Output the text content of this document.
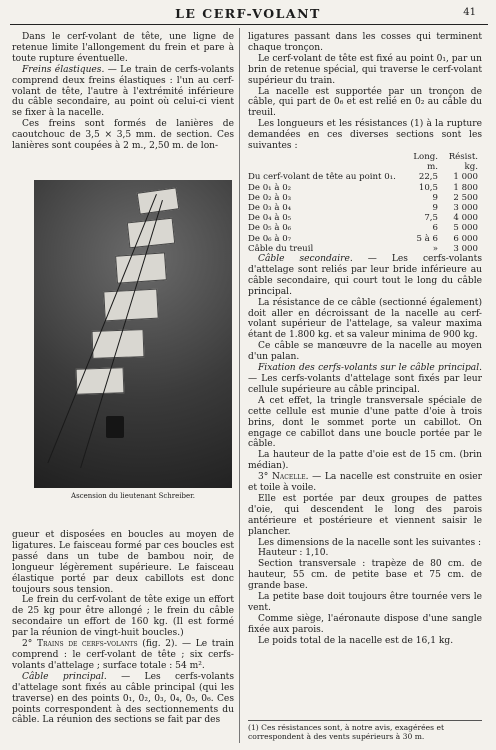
LE CERF-VOLANT	41

Dans le cerf-volant de tête, une ligne de retenue limite l'allongement du frein et pare à toute rupture éventuelle.

Freins élastiques. — Le train de cerfs-volants comprend deux freins élastiques : l'un au cerf-volant de tête, l'autre à l'extrémité inférieure du câble secondaire, au point où celui-ci vient se fixer à la nacelle.

Ces freins sont formés de lanières de caoutchouc de 3,5 × 3,5 mm. de section. Ces lanières sont coupées à 2 m., 2,50 m. de lon-

Ascension du lieutenant Schreiber.

gueur et disposées en boucles au moyen de ligatures. Le faisceau formé par ces boucles est passé dans un tube de bambou noir, de longueur légèrement supérieure. Le faisceau élastique porté par deux cabillots est donc toujours sous tension.

Le frein du cerf-volant de tête exige un effort de 25 kg pour être allongé ; le frein du câble secondaire un effort de 160 kg. (Il est formé par la réunion de vingt-huit boucles.)

2° Trains de cerfs-volants (fig. 2). — Le train comprend : le cerf-volant de tête ; six cerfs-volants d'attelage ; surface totale : 54 m².

Câble principal. — Les cerfs-volants d'attelage sont fixés au câble principal (qui les traverse) en des points 0₁, 0₂, 0₃, 0₄, 0₅, 0₆. Ces points correspondent à des sectionnements du câble. La réunion des sections se fait par des

ligatures passant dans les cosses qui terminent chaque tronçon.

Le cerf-volant de tête est fixé au point 0₁, par un brin de retenue spécial, qui traverse le cerf-volant supérieur du train.

La nacelle est supportée par un tronçon de câble, qui part de 0₆ et est relié en 0₂ au câble du treuil.

Les longueurs et les résistances (1) à la rupture demandées en ces diverses sections sont les suivantes :

	Long.	Résist.
	m.	kg.
Du cerf-volant de tête au point 0₁.	22,5	1 000
De 0₁ à 0₂	10,5	1 800
De 0₂ à 0₃	9	2 500
De 0₃ à 0₄	9	3 000
De 0₄ à 0₅	7,5	4 000
De 0₅ à 0₆	6	5 000
De 0₆ à 0₇	5 à 6	6 000
Câble du treuil	»	3 000

Câble secondaire. — Les cerfs-volants d'attelage sont reliés par leur bride inférieure au câble secondaire, qui court tout le long du câble principal.

La résistance de ce câble (sectionné également) doit aller en décroissant de la nacelle au cerf-volant supérieur de l'attelage, sa valeur maxima étant de 1.800 kg. et sa valeur minima de 900 kg.

Ce câble se manœuvre de la nacelle au moyen d'un palan.

Fixation des cerfs-volants sur le câble principal. — Les cerfs-volants d'attelage sont fixés par leur cellule supérieure au câble principal.

A cet effet, la tringle transversale spéciale de cette cellule est munie d'une patte d'oie à trois brins, dont le sommet porte un cabillot. On engage ce cabillot dans une boucle portée par le câble.

La hauteur de la patte d'oie est de 15 cm. (brin médian).

3° Nacelle. — La nacelle est construite en osier et toile à voile.

Elle est portée par deux groupes de pattes d'oie, qui descendent le long des parois antérieure et postérieure et viennent saisir le plancher.

Les dimensions de la nacelle sont les suivantes :

Hauteur : 1,10.

Section transversale : trapèze de 80 cm. de hauteur, 55 cm. de petite base et 75 cm. de grande base.

La petite base doit toujours être tournée vers le vent.

Comme siège, l'aéronaute dispose d'une sangle fixée aux parois.

Le poids total de la nacelle est de 16,1 kg.

(1) Ces résistances sont, à notre avis, exagérées et correspondent à des vents supérieurs à 30 m.
